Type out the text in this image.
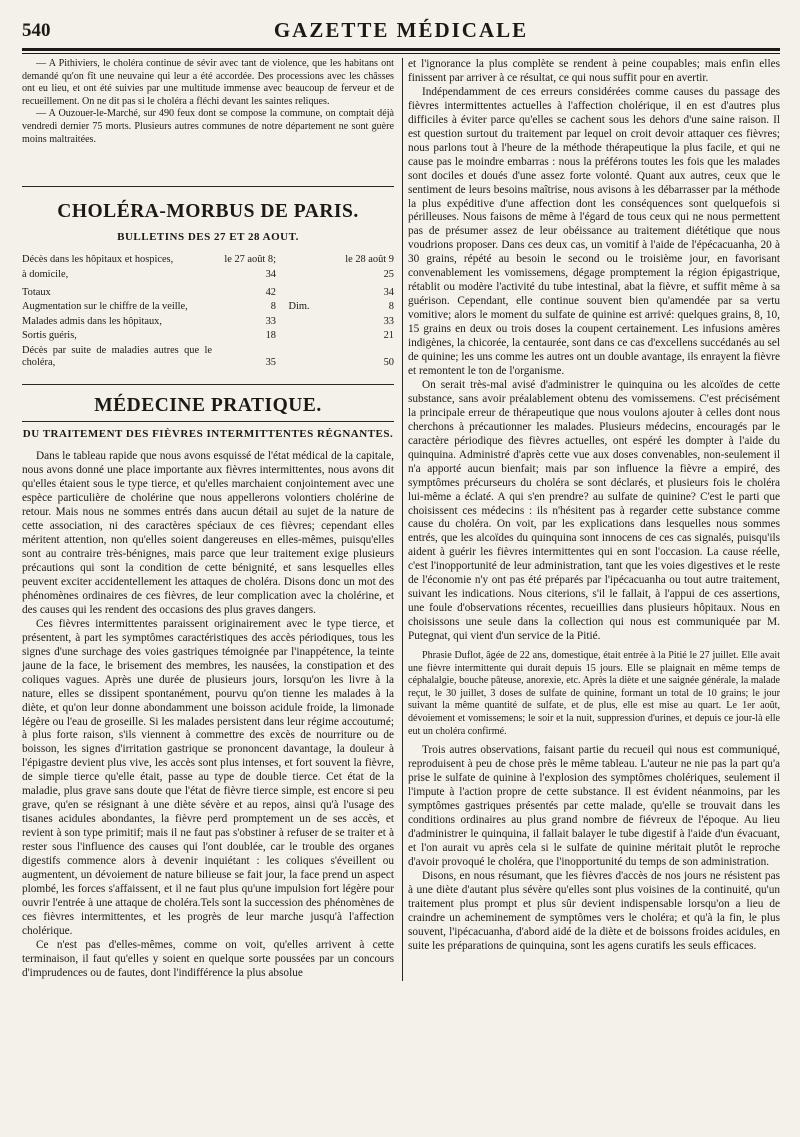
540	GAZETTE MÉDICALE

— A Pithiviers, le choléra continue de sévir avec tant de violence, que les habitans ont demandé qu'on fît une neuvaine qui leur a été accordée. Des processions avec les châsses ont eu lieu, et ont été suivies par une multitude immense avec beaucoup de ferveur et de recueillement. On ne dit pas si le choléra a fléchi devant les saintes reliques.

— A Ouzouer-le-Marché, sur 490 feux dont se compose la commune, on comptait déjà vendredi dernier 75 morts. Plusieurs autres communes de notre département ne sont guère moins maltraitées.

CHOLÉRA-MORBUS DE PARIS.
BULLETINS DES 27 ET 28 AOUT.
Décès dans les hôpitaux et hospices,	le 27 août 8;		le 28 août 9
à domicile,	34		25
Totaux	42		34
Augmentation sur le chiffre de la veille,	8	Dim.	8
Malades admis dans les hôpitaux,	33		33
Sortis guéris,	18		21
Décès par suite de maladies autres que le choléra,	35		50
MÉDECINE PRATIQUE.
DU TRAITEMENT DES FIÈVRES INTERMITTENTES RÉGNANTES.

Dans le tableau rapide que nous avons esquissé de l'état médical de la capitale, nous avons donné une place importante aux fièvres intermittentes, nous avons dit qu'elles étaient sous le type tierce, et qu'elles marchaient conjointement avec une espèce particulière de cholérine que nous appellerons volontiers cholérine de retour. Mais nous ne sommes entrés dans aucun détail au sujet de la nature de cette association, ni des caractères spéciaux de ces fièvres; cependant elles méritent attention, non qu'elles soient dangereuses en elles-mêmes, puisqu'elles sont au contraire très-bénignes, mais parce que leur traitement exige plusieurs précautions qui sont la condition de cette bénignité, et sans lesquelles elles peuvent exciter accidentellement les attaques de choléra. Disons donc un mot des phénomènes ordinaires de ces fièvres, de leur complication avec la cholérine, et des causes qui les rendent des occasions des plus graves dangers.

Ces fièvres intermittentes paraissent originairement avec le type tierce, et présentent, à part les symptômes caractéristiques des accès périodiques, tous les signes d'une surchage des voies gastriques témoignée par l'inappétence, la teinte jaune de la face, le brisement des membres, les nausées, la constipation et des coliques vagues. Après une durée de plusieurs jours, lorsqu'on les livre à la nature, elles se dissipent spontanément, pourvu qu'on tienne les malades à la diète, et qu'on leur donne abondamment une boisson acidule froide, la limonade légère ou l'eau de groseille. Si les malades persistent dans leur régime accoutumé; à plus forte raison, s'ils viennent à commettre des excès de nourriture ou de boisson, les signes d'irritation gastrique se prononcent davantage, la douleur à l'épigastre devient plus vive, les accès sont plus intenses, et fort souvent la fièvre, de simple tierce qu'elle était, passe au type de double tierce. Cet état de la maladie, plus grave sans doute que l'état de fièvre tierce simple, est encore si peu grave, qu'en se résignant à une diète sévère et au repos, ainsi qu'à l'usage des tisanes acidules abondantes, la fièvre perd promptement un de ses accès, et revient à son type primitif; mais il ne faut pas s'obstiner à refuser de se traiter et à rester sous l'influence des causes qui l'ont doublée, car le trouble des organes digestifs commence alors à devenir inquiétant : les coliques s'éveillent ou augmentent, un dévoiement de nature bilieuse se fait jour, la face prend un aspect plombé, les forces s'affaissent, et il ne faut plus qu'une impulsion fort légère pour ouvrir l'entrée à une attaque de choléra.Tels sont la succession des phénomènes de ces fièvres intermittentes, et les progrès de leur marche jusqu'à l'affection cholérique.

Ce n'est pas d'elles-mêmes, comme on voit, qu'elles arrivent à cette terminaison, il faut qu'elles y soient en quelque sorte poussées par un concours d'imprudences ou de fautes, dont l'indifférence la plus absolue

et l'ignorance la plus complète se rendent à peine coupables; mais enfin elles finissent par arriver à ce résultat, ce qui nous suffit pour en avertir.

Indépendamment de ces erreurs considérées comme causes du passage des fièvres intermittentes actuelles à l'affection cholérique, il en est d'autres plus difficiles à éviter parce qu'elles se cachent sous les dehors d'une saine raison. Il est question surtout du traitement par lequel on croit devoir attaquer ces fièvres; nous parlons tout à l'heure de la méthode thérapeutique la plus facile, et qui ne cause pas le moindre embarras : nous la préférons toutes les fois que les malades sont dociles et doués d'une assez forte volonté. Quant aux autres, ceux que le sentiment de leurs besoins maîtrise, nous avisons à les débarrasser par la méthode la plus expéditive d'une affection dont les conséquences sont quelquefois si périlleuses. Nous faisons de même à l'égard de tous ceux qui ne nous permettent pas de présumer assez de leur obéissance au traitement diététique que nous voudrions proposer. Dans ces deux cas, un vomitif à l'aide de l'épécacuanha, 20 à 30 grains, répété au besoin le second ou le troisième jour, en favorisant convenablement les vomissemens, dégage promptement la région épigastrique, rétablit ou modère l'activité du tube intestinal, abat la fièvre, et suffit même à sa guérison. Cependant, elle continue souvent bien qu'amendée par sa vertu vomitive; alors le moment du sulfate de quinine est arrivé: quelques grains, 8, 10, 15 grains en deux ou trois doses la coupent certainement. Les infusions amères indigènes, la chicorée, la centaurée, sont dans ce cas d'excellens succédanés au sel de quinine; les uns comme les autres ont un double avantage, ils enrayent la fièvre et remontent le ton de l'organisme.

On serait très-mal avisé d'administrer le quinquina ou les alcoïdes de cette substance, sans avoir préalablement obtenu des vomissemens. C'est précisément la principale erreur de thérapeutique que nous voulons ajouter à celles dont nous cherchons à précautionner les malades. Plusieurs médecins, encouragés par le caractère périodique des fièvres actuelles, ont espéré les dompter à l'aide du quinquina. Administré d'après cette vue aux doses convenables, non-seulement il n'a apporté aucun bienfait; mais par son influence la fièvre a empiré, des symptômes précurseurs du choléra se sont déclarés, et plusieurs fois le choléra lui-même a éclaté. A qui s'en prendre? au sulfate de quinine? C'est le parti que choisissent ces médecins : ils n'hésitent pas à regarder cette substance comme cause du choléra. On voit, par les explications dans lesquelles nous sommes entrés, que les alcoïdes du quinquina sont innocens de ces cas signalés, puisqu'ils aident à guérir les fièvres intermittentes qui en sont l'occasion. La cause réelle, c'est l'inopportunité de leur administration, tant que les voies digestives et le reste de l'économie n'y ont pas été préparés par l'ipécacuanha ou tout autre traitement, suivant les indications. Nous citerions, s'il le fallait, à l'appui de ces assertions, une foule d'observations récentes, recueillies dans plusieurs hôpitaux. Nous en choisissons une seule dans la collection qui nous est communiquée par M. Putegnat, qui vient d'un service de la Pitié.

Phrasie Duflot, âgée de 22 ans, domestique, était entrée à la Pitié le 27 juillet. Elle avait une fièvre intermittente qui durait depuis 15 jours. Elle se plaignait en même temps de céphalalgie, bouche pâteuse, anorexie, etc. Après la diète et une saignée générale, la malade reçut, le 30 juillet, 3 doses de sulfate de quinine, formant un total de 10 grains; le jour suivant la même quantité de sulfate, et de plus, elle est mise au quart. Le 1er août, dévoiement et vomissemens; le soir et la nuit, suppression d'urines, et depuis ce jour-là elle eut un choléra confirmé.

Trois autres observations, faisant partie du recueil qui nous est communiqué, reproduisent à peu de chose près le même tableau. L'auteur ne nie pas la part qu'a prise le sulfate de quinine à l'explosion des symptômes cholériques, seulement il l'impute à l'action propre de cette substance. Il est évident néanmoins, par les symptômes gastriques présentés par cette malade, qu'elle se trouvait dans les conditions ordinaires au plus grand nombre de fiévreux de l'époque. Au lieu d'administrer le quinquina, il fallait balayer le tube digestif à l'aide d'un évacuant, et l'on aurait vu après cela si le sulfate de quinine méritait plutôt le reproche d'avoir provoqué le choléra, que l'inopportunité du temps de son administration.

Disons, en nous résumant, que les fièvres d'accès de nos jours ne résistent pas à une diète d'autant plus sévère qu'elles sont plus voisines de la continuité, qu'un traitement plus prompt et plus sûr devient indispensable lorsqu'on a lieu de craindre un acheminement de symptômes vers le choléra; et qu'à la fin, le plus souvent, l'ipécacuanha, d'abord aidé de la diète et de boissons froides acidules, en suite les préparations de quinquina, sont les agens curatifs les seuls efficaces.
